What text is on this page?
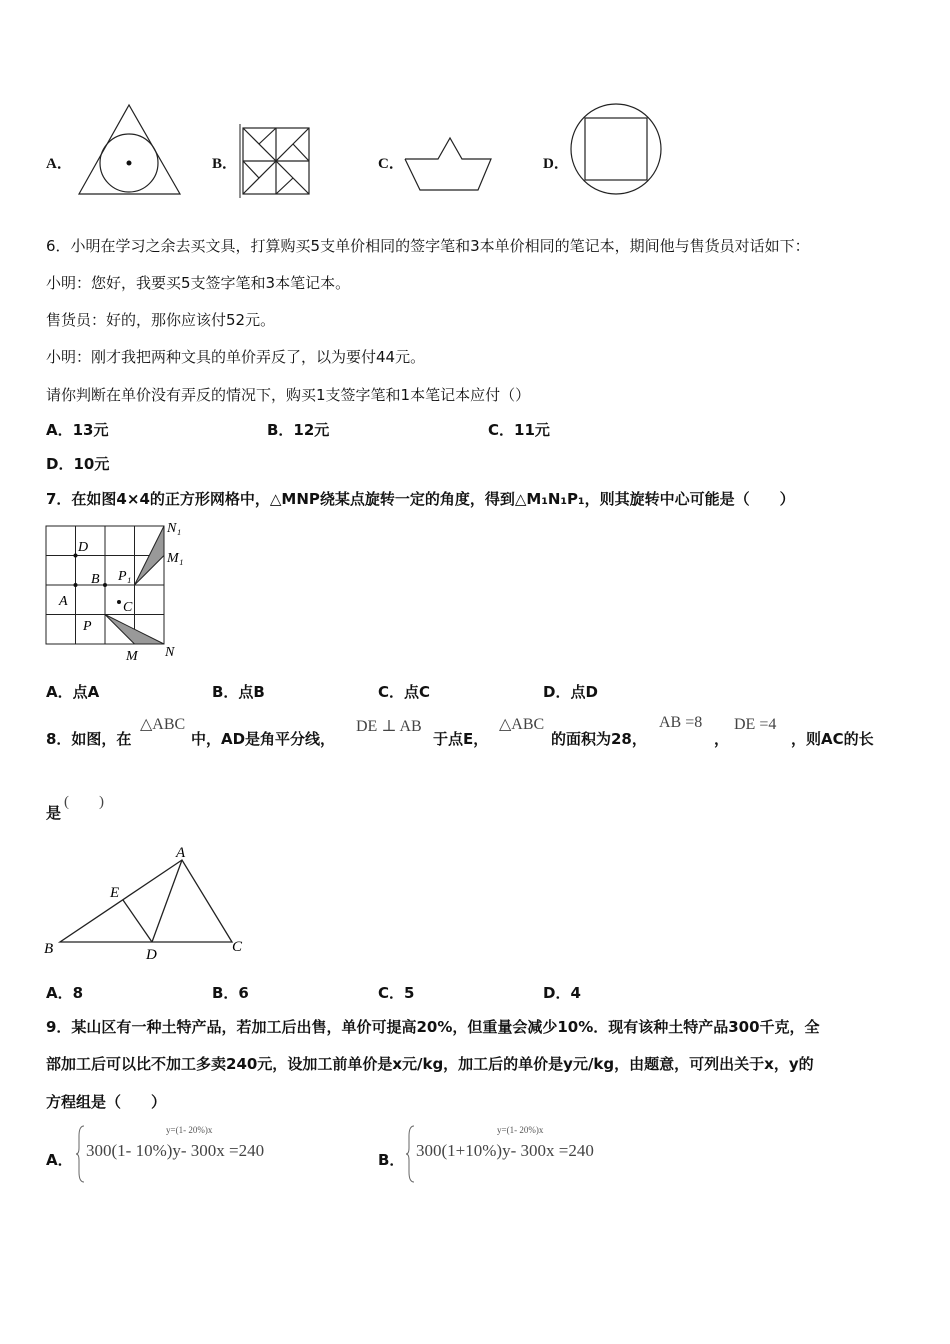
A．	B．	C．	D．
6．小明在学习之余去买文具，打算购买5支单价相同的签字笔和3本单价相同的笔记本，期间他与售货员对话如下：
小明：您好，我要买5支签字笔和3本笔记本。
售货员：好的，那你应该付52元。
小明：刚才我把两种文具的单价弄反了，以为要付44元。
请你判断在单价没有弄反的情况下，购买1支签字笔和1本笔记本应付（）
A．13元	B．12元	C．11元
D．10元
7．在如图4×4的正方形网格中，△MNP绕某点旋转一定的角度，得到△M₁N₁P₁，则其旋转中心可能是（　　）
D
B
A
P₁
C
P
M N
N₁
M₁
A．点A	B．点B	C．点C	D．点D
8．如图，在
△ABC
中，AD是角平分线，
DE ⊥ AB
于点E，
△ABC
的面积为28，
AB =8
，
DE =4
，则AC的长
是
(　　)
A
E
B	D	C
A．8	B．6	C．5	D．4
9．某山区有一种土特产品，若加工后出售，单价可提高20%，但重量会减少10%．现有该种土特产品300千克，全
部加工后可以比不加工多卖240元，设加工前单价是x元/kg，加工后的单价是y元/kg，由题意，可列出关于x，y的
方程组是（　　）
A．
y=(1- 20%)x
300(1- 10%)y- 300x =240	B．
y=(1- 20%)x
300(1+10%)y- 300x =240
